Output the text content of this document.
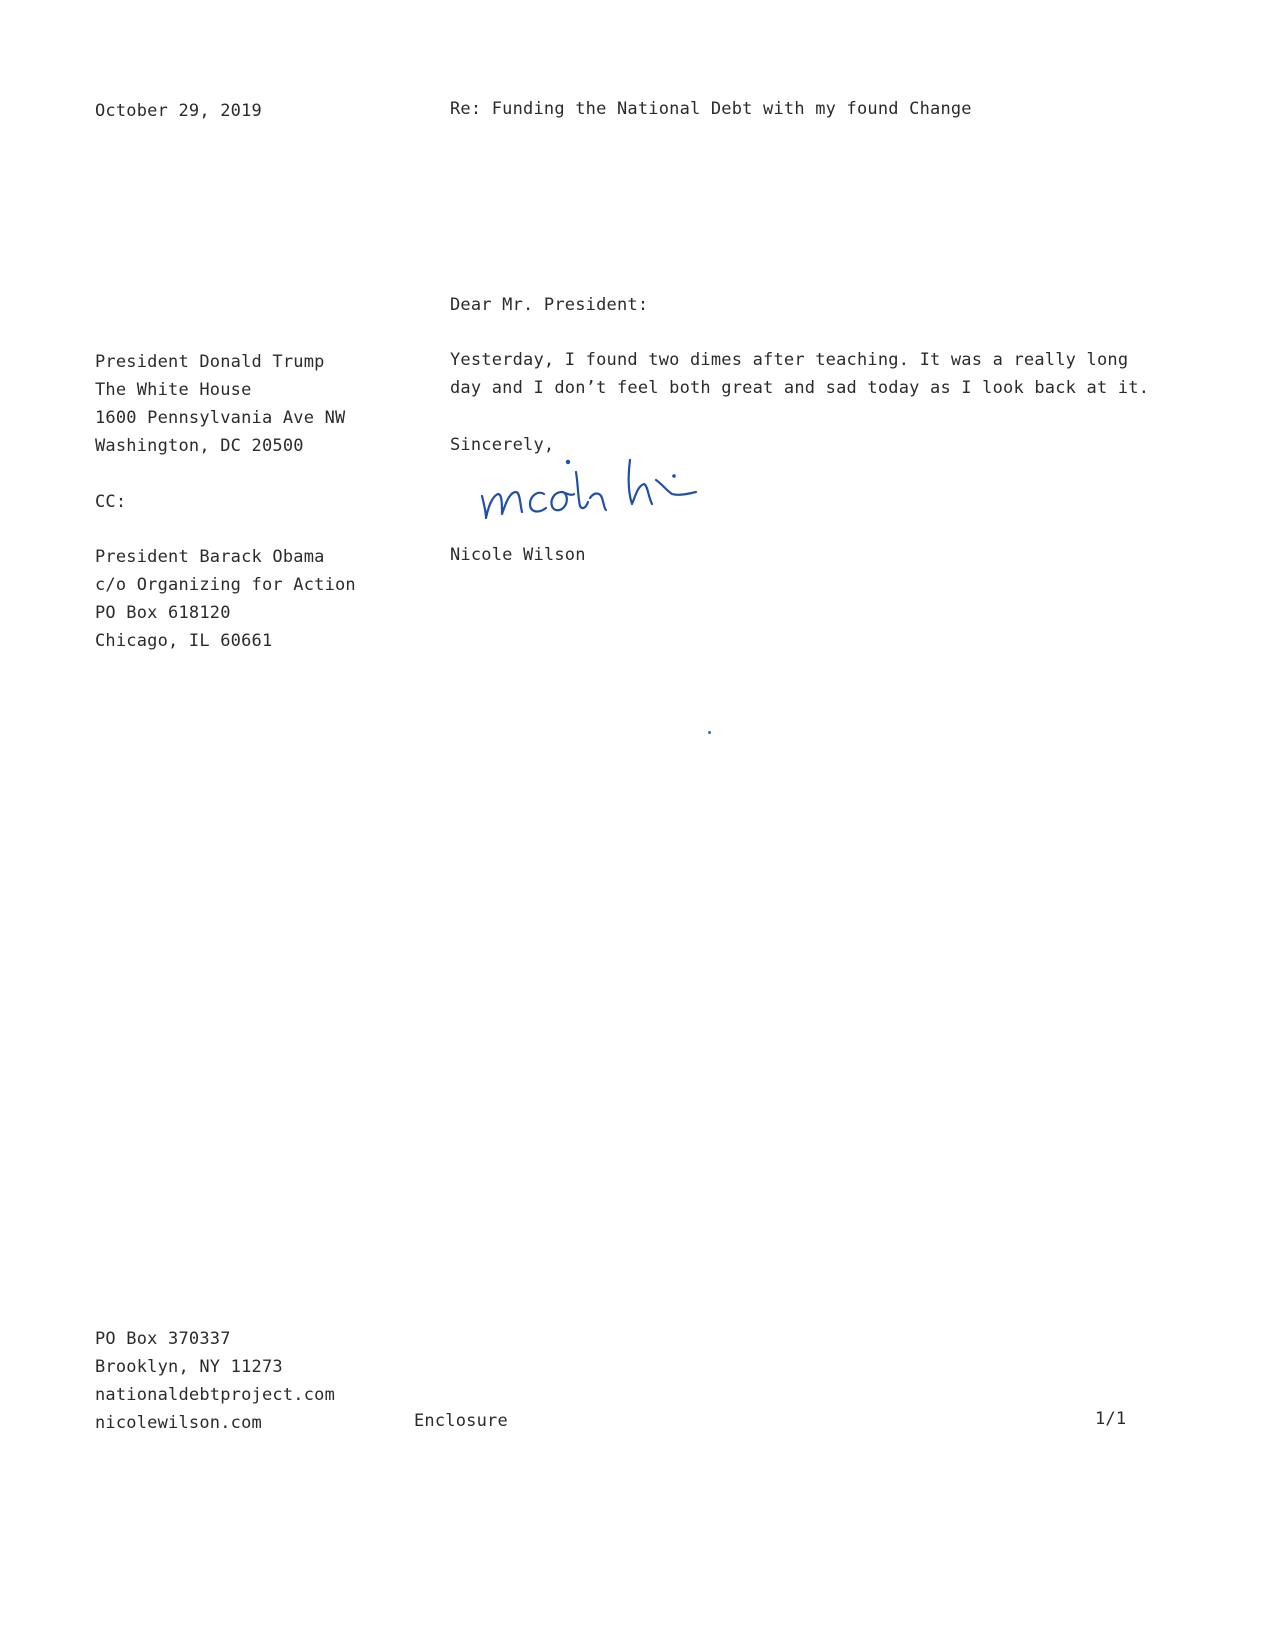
October 29, 2019	Re: Funding the National Debt with my found Change
Dear Mr. President:
President Donald Trump
The White House
1600 Pennsylvania Ave NW
Washington, DC 20500
Yesterday, I found two dimes after teaching. It was a really long
day and I don’t feel both great and sad today as I look back at it.
Sincerely,
Nicole Wilson
CC:
President Barack Obama
c/o Organizing for Action
PO Box 618120
Chicago, IL 60661
PO Box 370337
Brooklyn, NY 11273
nationaldebtproject.com
nicolewilson.com	Enclosure	1/1
